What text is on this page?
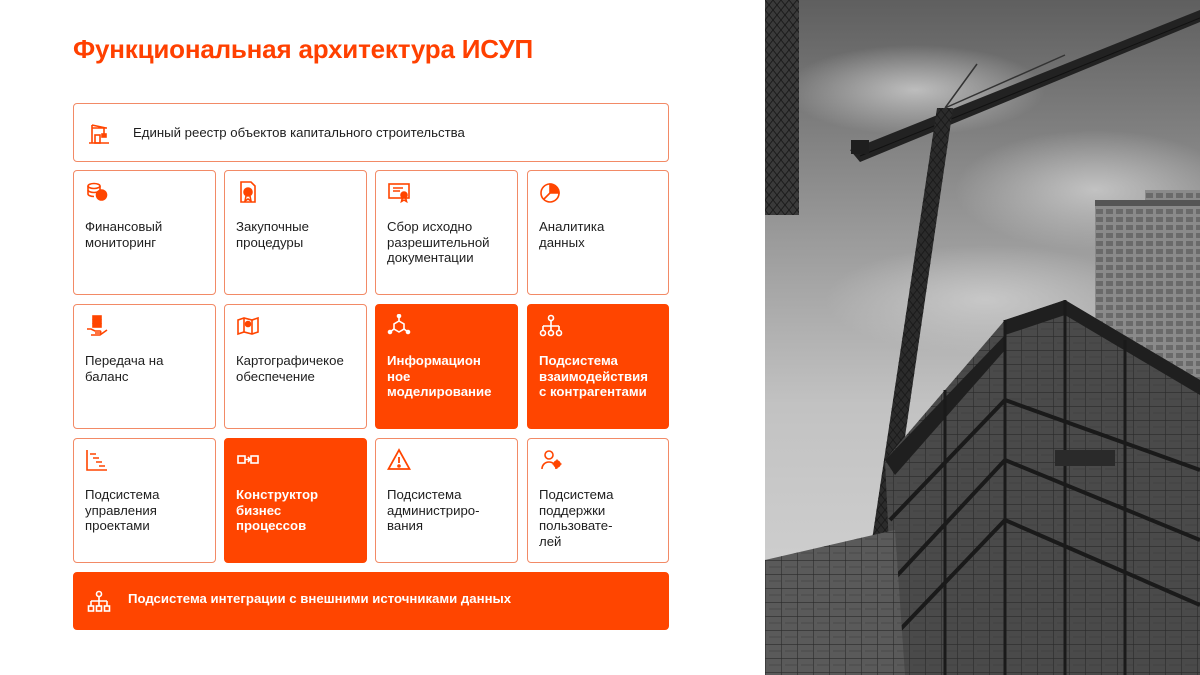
Функциональная архитектура ИСУП
Единый реестр объектов капитального строительства
Финансовый
мониторинг
Закупочные
процедуры
Сбор исходно
разрешительной
документации
Аналитика
данных
Передача на
баланс
Картографичекое
обеспечение
Информацион
ное
моделирование
Подсистема
взаимодействия
с контрагентами
Подсистема
управления
проектами
Конструктор
бизнес
процессов
Подсистема
администриро-
вания
Подсистема
поддержки
пользовате-
лей
Подсистема интеграции с внешними источниками данных
